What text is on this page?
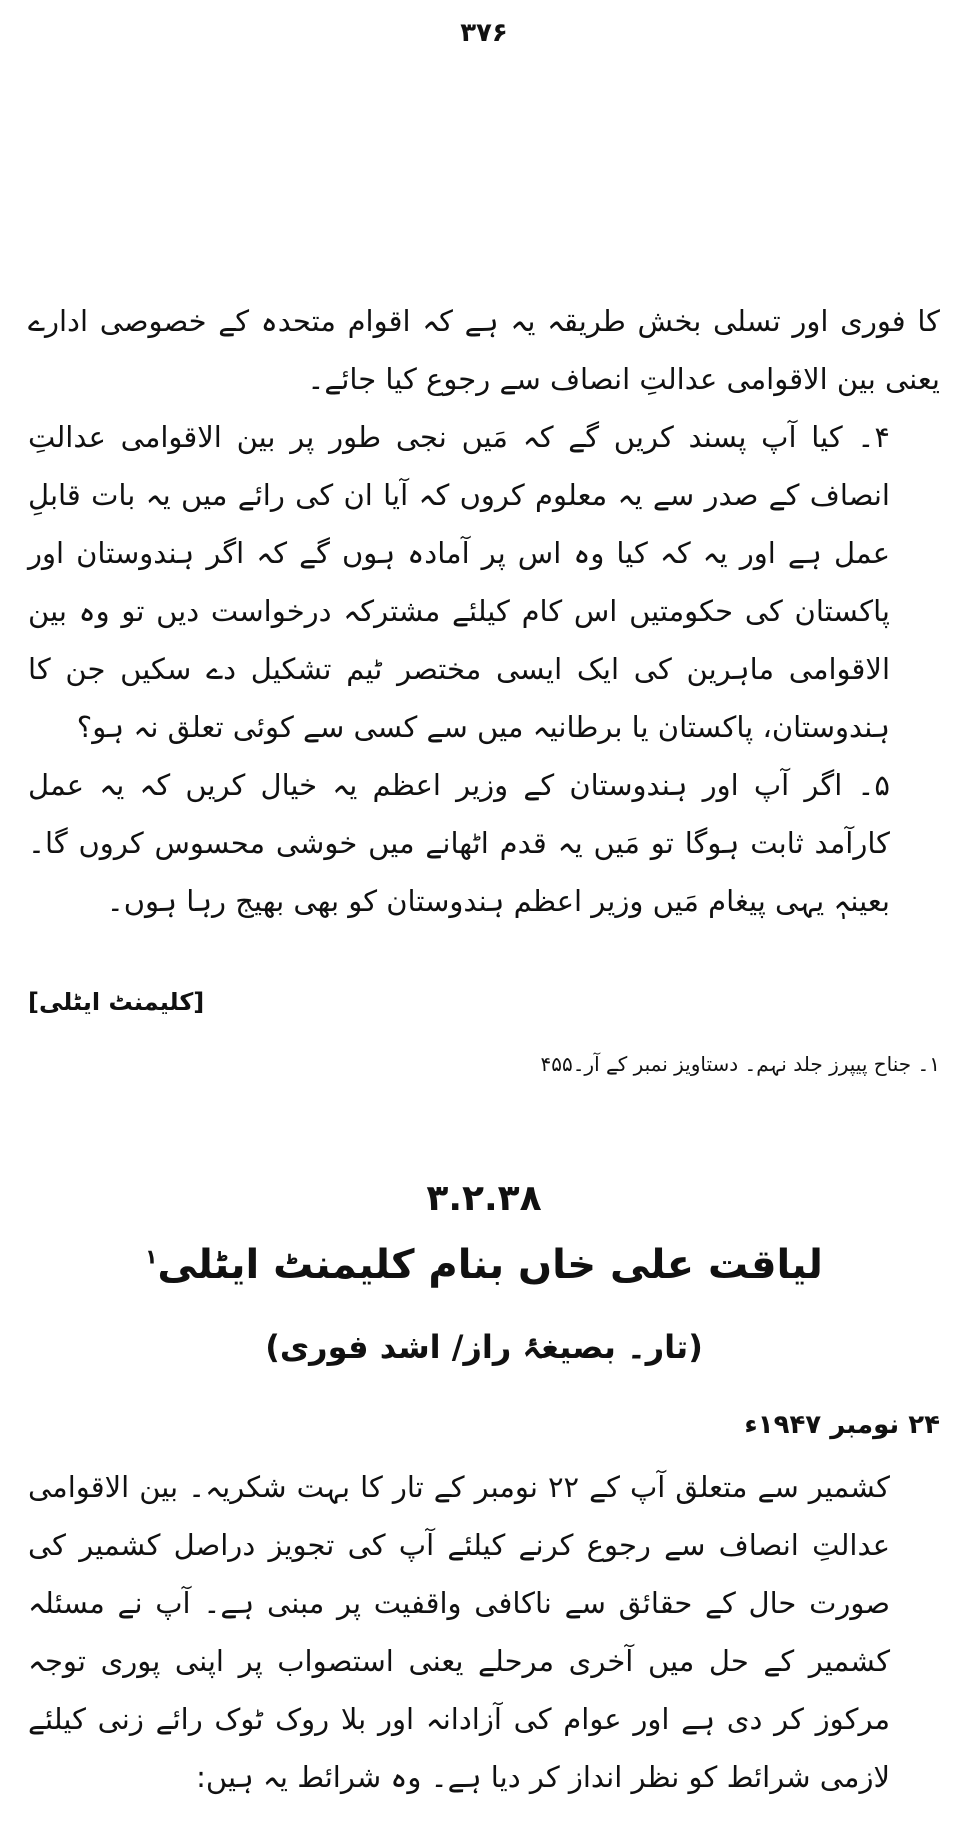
۳۷۶

کا فوری اور تسلی بخش طریقہ یہ ہے کہ اقوام متحدہ کے خصوصی ادارے یعنی بین الاقوامی عدالتِ انصاف سے رجوع کیا جائے۔

۴۔ کیا آپ پسند کریں گے کہ مَیں نجی طور پر بین الاقوامی عدالتِ انصاف کے صدر سے یہ معلوم کروں کہ آیا ان کی رائے میں یہ بات قابلِ عمل ہے اور یہ کہ کیا وہ اس پر آمادہ ہوں گے کہ اگر ہندوستان اور پاکستان کی حکومتیں اس کام کیلئے مشترکہ درخواست دیں تو وہ بین الاقوامی ماہرین کی ایک ایسی مختصر ٹیم تشکیل دے سکیں جن کا ہندوستان، پاکستان یا برطانیہ میں سے کسی سے کوئی تعلق نہ ہو؟

۵۔ اگر آپ اور ہندوستان کے وزیر اعظم یہ خیال کریں کہ یہ عمل کارآمد ثابت ہوگا تو مَیں یہ قدم اٹھانے میں خوشی محسوس کروں گا۔ بعینہٖ یہی پیغام مَیں وزیر اعظم ہندوستان کو بھی بھیج رہا ہوں۔

[کلیمنٹ ایٹلی]
۱۔ جناح پیپرز جلد نہم۔ دستاویز نمبر کے آر۔۴۵۵
۳.۲.۳۸
لیاقت علی خاں بنام کلیمنٹ ایٹلی$^۱$
(تار۔ بصیغۂ راز/ اشد فوری)
۲۴ نومبر ۱۹۴۷ء

کشمیر سے متعلق آپ کے ۲۲ نومبر کے تار کا بہت شکریہ۔ بین الاقوامی عدالتِ انصاف سے رجوع کرنے کیلئے آپ کی تجویز دراصل کشمیر کی صورت حال کے حقائق سے ناکافی واقفیت پر مبنی ہے۔ آپ نے مسئلہ کشمیر کے حل میں آخری مرحلے یعنی استصواب پر اپنی پوری توجہ مرکوز کر دی ہے اور عوام کی آزادانہ اور بلا روک ٹوک رائے زنی کیلئے لازمی شرائط کو نظر انداز کر دیا ہے۔ وہ شرائط یہ ہیں:
